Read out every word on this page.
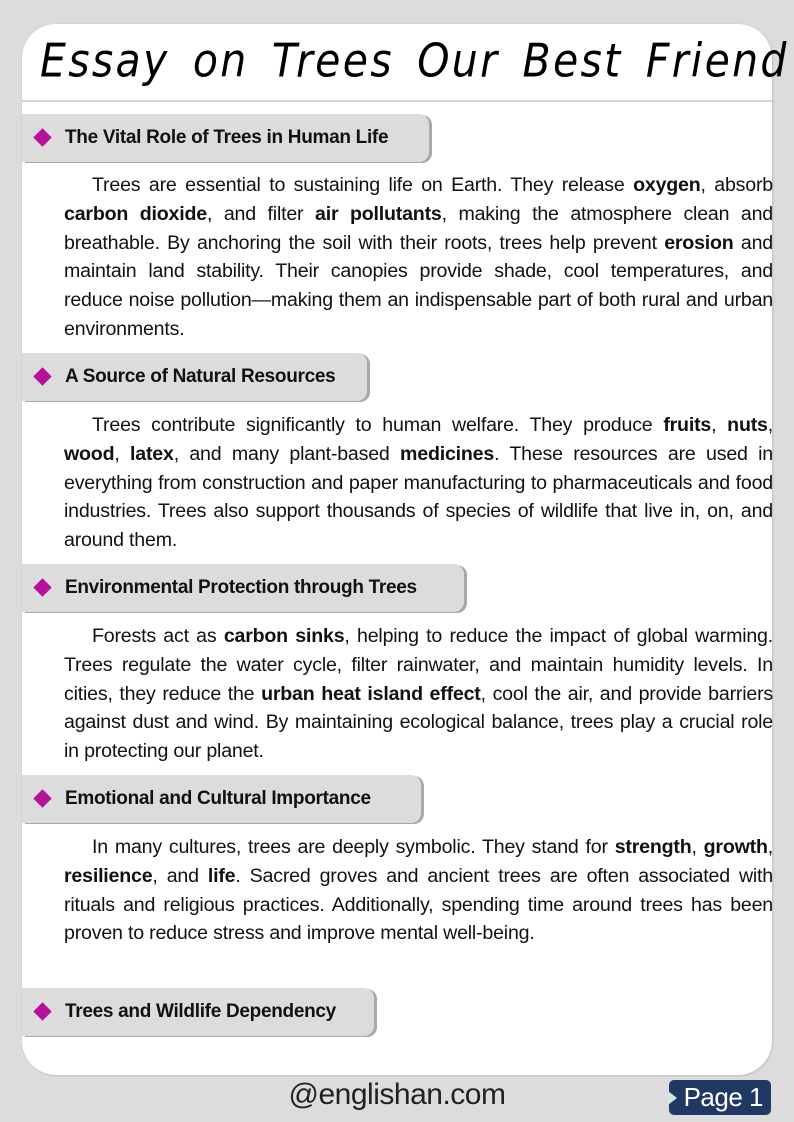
Essay on Trees Our Best Friend
The Vital Role of Trees in Human Life

Trees are essential to sustaining life on Earth. They release oxygen, absorb carbon dioxide, and filter air pollutants, making the atmosphere clean and breathable. By anchoring the soil with their roots, trees help prevent erosion and maintain land stability. Their canopies provide shade, cool temperatures, and reduce noise pollution—making them an indispensable part of both rural and urban environments.

A Source of Natural Resources

Trees contribute significantly to human welfare. They produce fruits, nuts, wood, latex, and many plant-based medicines. These resources are used in everything from construction and paper manufacturing to pharmaceuticals and food industries. Trees also support thousands of species of wildlife that live in, on, and around them.

Environmental Protection through Trees

Forests act as carbon sinks, helping to reduce the impact of global warming. Trees regulate the water cycle, filter rainwater, and maintain humidity levels. In cities, they reduce the urban heat island effect, cool the air, and provide barriers against dust and wind. By maintaining ecological balance, trees play a crucial role in protecting our planet.

Emotional and Cultural Importance

In many cultures, trees are deeply symbolic. They stand for strength, growth, resilience, and life. Sacred groves and ancient trees are often associated with rituals and religious practices. Additionally, spending time around trees has been proven to reduce stress and improve mental well-being.

Trees and Wildlife Dependency
@englishan.com	Page 1
